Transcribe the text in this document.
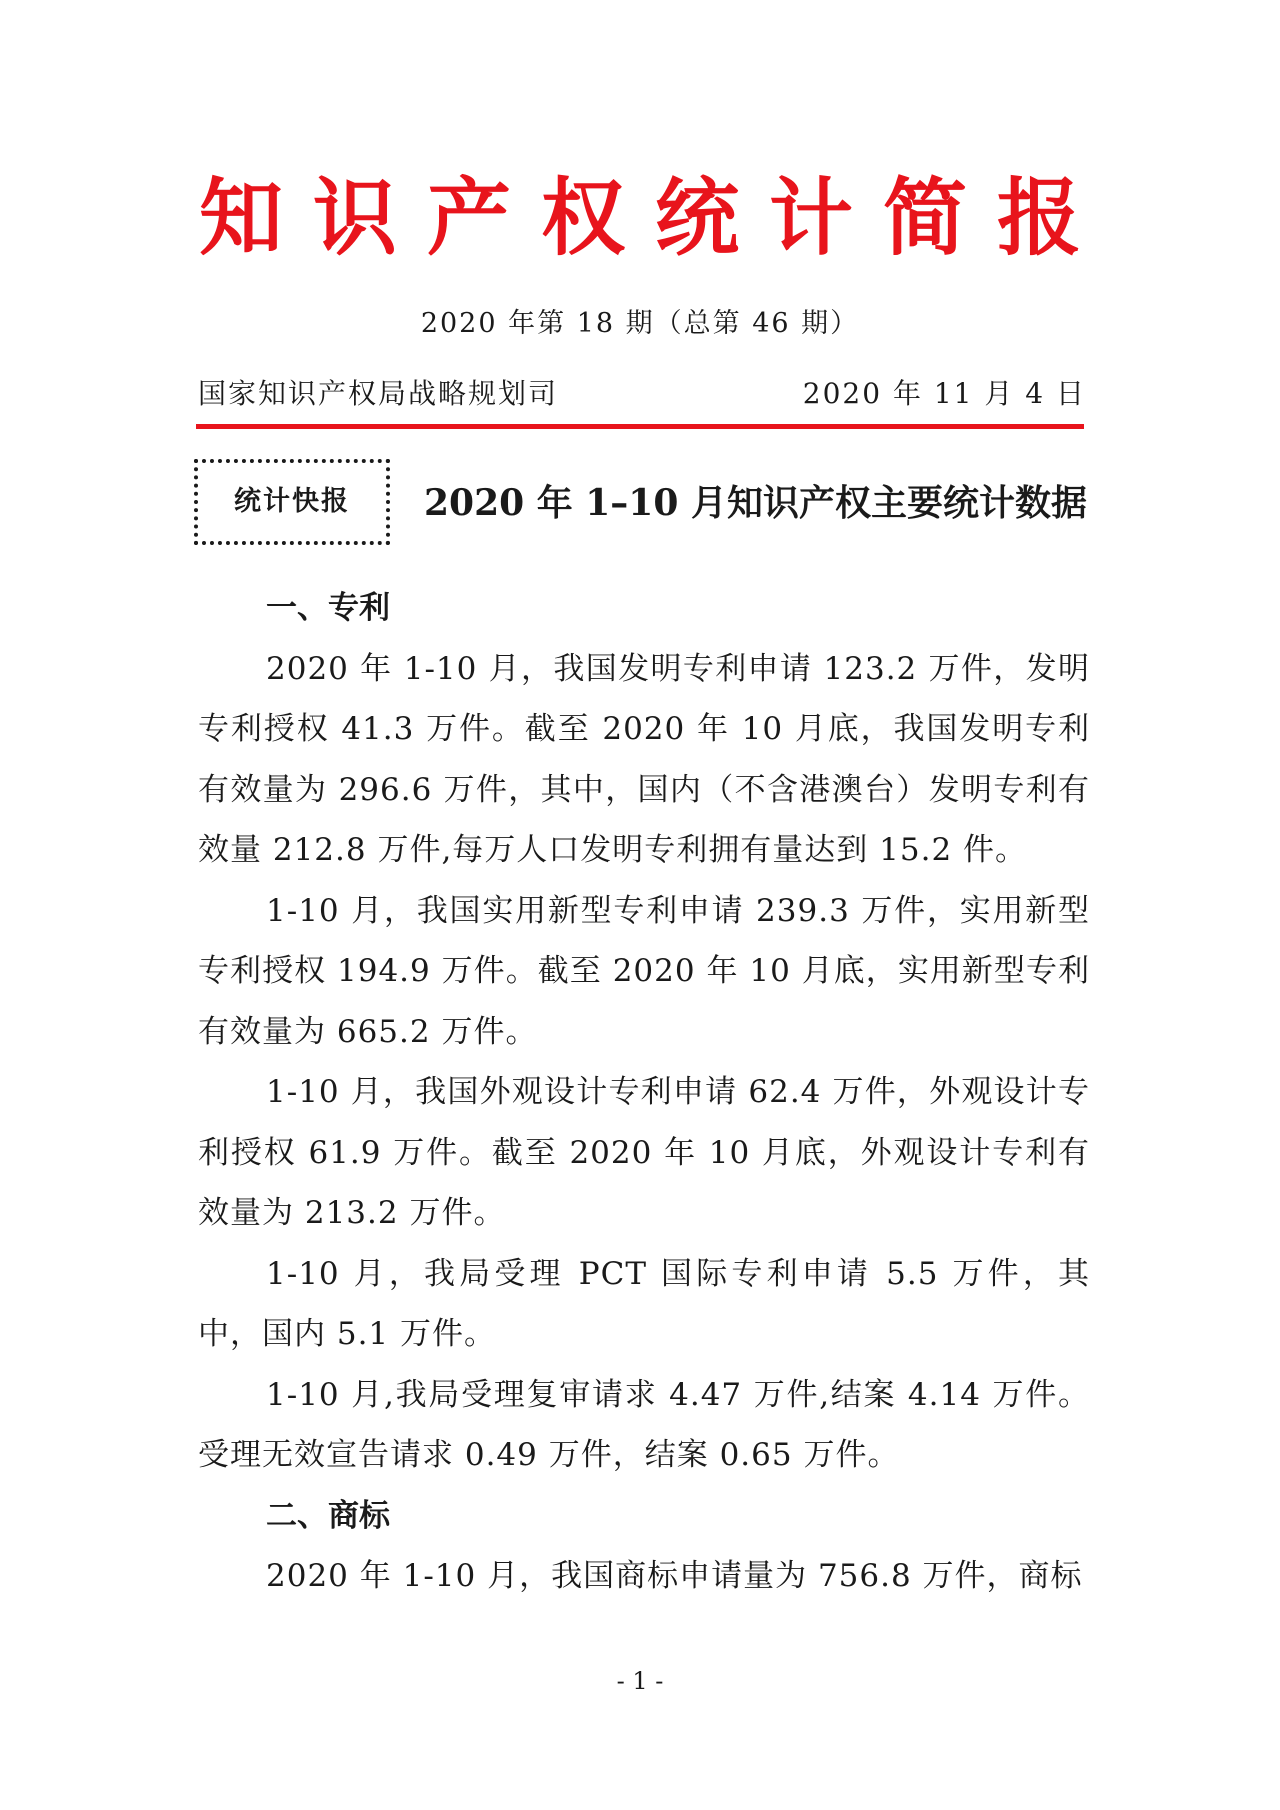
知识产权统计简报
2020 年第 18 期（总第 46 期）
国家知识产权局战略规划司	2020 年 11 月 4 日
统计快报	2020 年 1–10 月知识产权主要统计数据
一、专利

2020 年 1-10 月，我国发明专利申请 123.2 万件，发明专利授权 41.3 万件。截至 2020 年 10 月底，我国发明专利有效量为 296.6 万件，其中，国内（不含港澳台）发明专利有效量 212.8 万件,每万人口发明专利拥有量达到 15.2 件。

1-10 月，我国实用新型专利申请 239.3 万件，实用新型专利授权 194.9 万件。截至 2020 年 10 月底，实用新型专利有效量为 665.2 万件。

1-10 月，我国外观设计专利申请 62.4 万件，外观设计专利授权 61.9 万件。截至 2020 年 10 月底，外观设计专利有效量为 213.2 万件。

1-10 月，我局受理 PCT 国际专利申请 5.5 万件，其中，国内 5.1 万件。

1-10 月,我局受理复审请求 4.47 万件,结案 4.14 万件。受理无效宣告请求 0.49 万件，结案 0.65 万件。

二、商标

2020 年 1-10 月，我国商标申请量为 756.8 万件，商标

- 1 -
